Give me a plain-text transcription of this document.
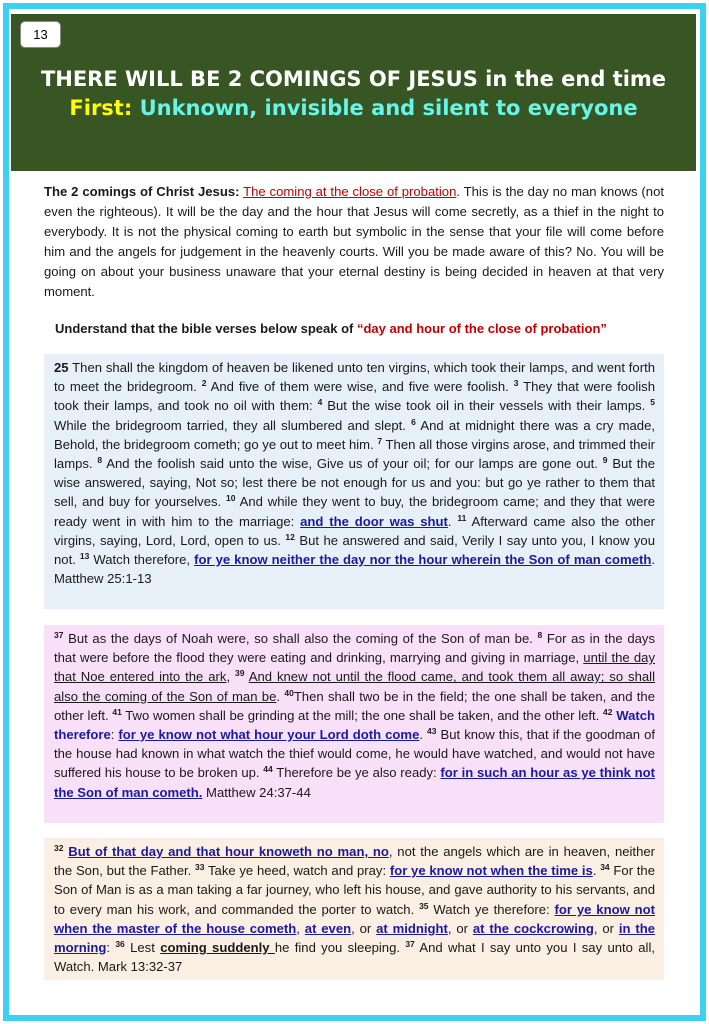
13
THERE WILL BE 2 COMINGS OF JESUS in the end time
First: Unknown, invisible and silent to everyone
The 2 comings of Christ Jesus: The coming at the close of probation. This is the day no man knows (not even the righteous). It will be the day and the hour that Jesus will come secretly, as a thief in the night to everybody. It is not the physical coming to earth but symbolic in the sense that your file will come before him and the angels for judgement in the heavenly courts. Will you be made aware of this? No. You will be going on about your business unaware that your eternal destiny is being decided in heaven at that very moment.
Understand that the bible verses below speak of “day and hour of the close of probation”
25 Then shall the kingdom of heaven be likened unto ten virgins, which took their lamps, and went forth to meet the bridegroom. $^2$ And five of them were wise, and five were foolish. $^3$ They that were foolish took their lamps, and took no oil with them: $^4$ But the wise took oil in their vessels with their lamps. $^5$ While the bridegroom tarried, they all slumbered and slept. $^6$ And at midnight there was a cry made, Behold, the bridegroom cometh; go ye out to meet him. $^7$ Then all those virgins arose, and trimmed their lamps. $^8$ And the foolish said unto the wise, Give us of your oil; for our lamps are gone out. $^9$ But the wise answered, saying, Not so; lest there be not enough for us and you: but go ye rather to them that sell, and buy for yourselves. $^{10}$ And while they went to buy, the bridegroom came; and they that were ready went in with him to the marriage: and the door was shut. $^{11}$ Afterward came also the other virgins, saying, Lord, Lord, open to us. $^{12}$ But he answered and said, Verily I say unto you, I know you not. $^{13}$ Watch therefore, for ye know neither the day nor the hour wherein the Son of man cometh. Matthew 25:1-13
$^{37}$ But as the days of Noah were, so shall also the coming of the Son of man be. $^8$ For as in the days that were before the flood they were eating and drinking, marrying and giving in marriage, until the day that Noe entered into the ark, $^{39}$ And knew not until the flood came, and took them all away; so shall also the coming of the Son of man be. $^{40}$Then shall two be in the field; the one shall be taken, and the other left. $^{41}$ Two women shall be grinding at the mill; the one shall be taken, and the other left. $^{42}$ Watch therefore: for ye know not what hour your Lord doth come. $^{43}$ But know this, that if the goodman of the house had known in what watch the thief would come, he would have watched, and would not have suffered his house to be broken up. $^{44}$ Therefore be ye also ready: for in such an hour as ye think not the Son of man cometh. Matthew 24:37-44
$^{32}$ But of that day and that hour knoweth no man, no, not the angels which are in heaven, neither the Son, but the Father. $^{33}$ Take ye heed, watch and pray: for ye know not when the time is. $^{34}$ For the Son of Man is as a man taking a far journey, who left his house, and gave authority to his servants, and to every man his work, and commanded the porter to watch. $^{35}$ Watch ye therefore: for ye know not when the master of the house cometh, at even, or at midnight, or at the cockcrowing, or in the morning: $^{36}$ Lest coming suddenly he find you sleeping. $^{37}$ And what I say unto you I say unto all, Watch. Mark 13:32-37
